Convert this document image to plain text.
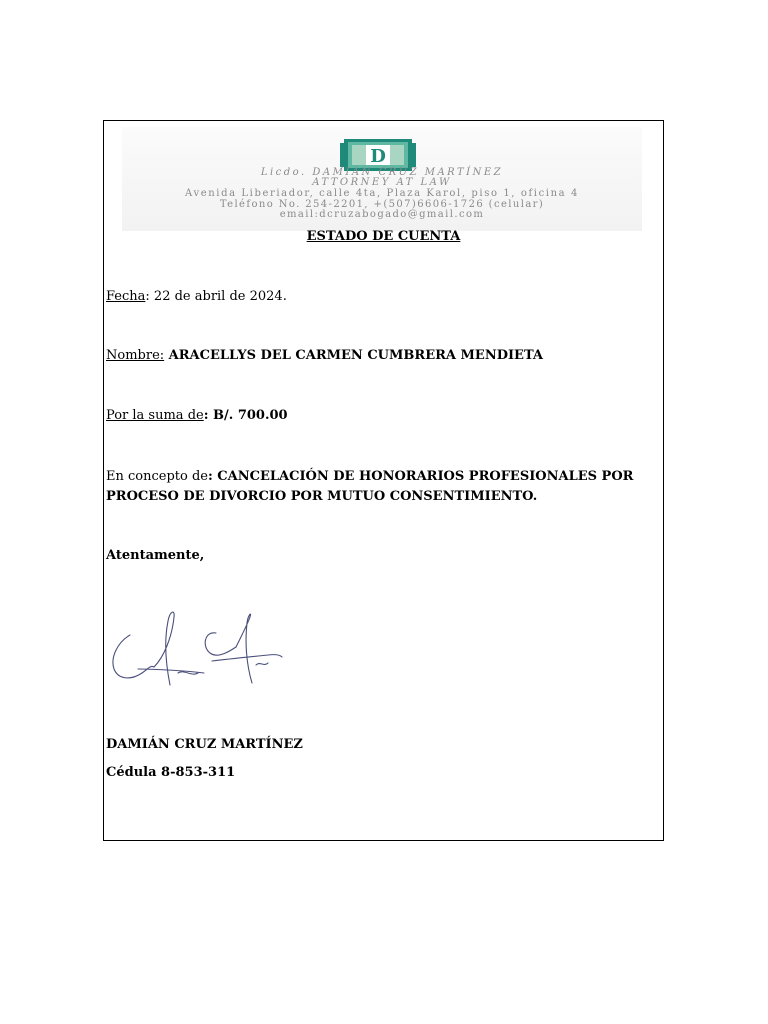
D
Licdo. DAMIÁN CRUZ MARTÍNEZ
ATTORNEY AT LAW
Avenida Liberiador, calle 4ta, Plaza Karol, piso 1, oficina 4
Teléfono No. 254-2201, +(507)6606-1726 (celular)
email:dcruzabogado@gmail.com
ESTADO DE CUENTA
Fecha: 22 de abril de 2024.
Nombre: ARACELLYS DEL CARMEN CUMBRERA MENDIETA
Por la suma de: B/. 700.00
En concepto de: CANCELACIÓN DE HONORARIOS PROFESIONALES POR PROCESO DE DIVORCIO POR MUTUO CONSENTIMIENTO.
Atentamente,
DAMIÁN CRUZ MARTÍNEZ
Cédula 8-853-311
